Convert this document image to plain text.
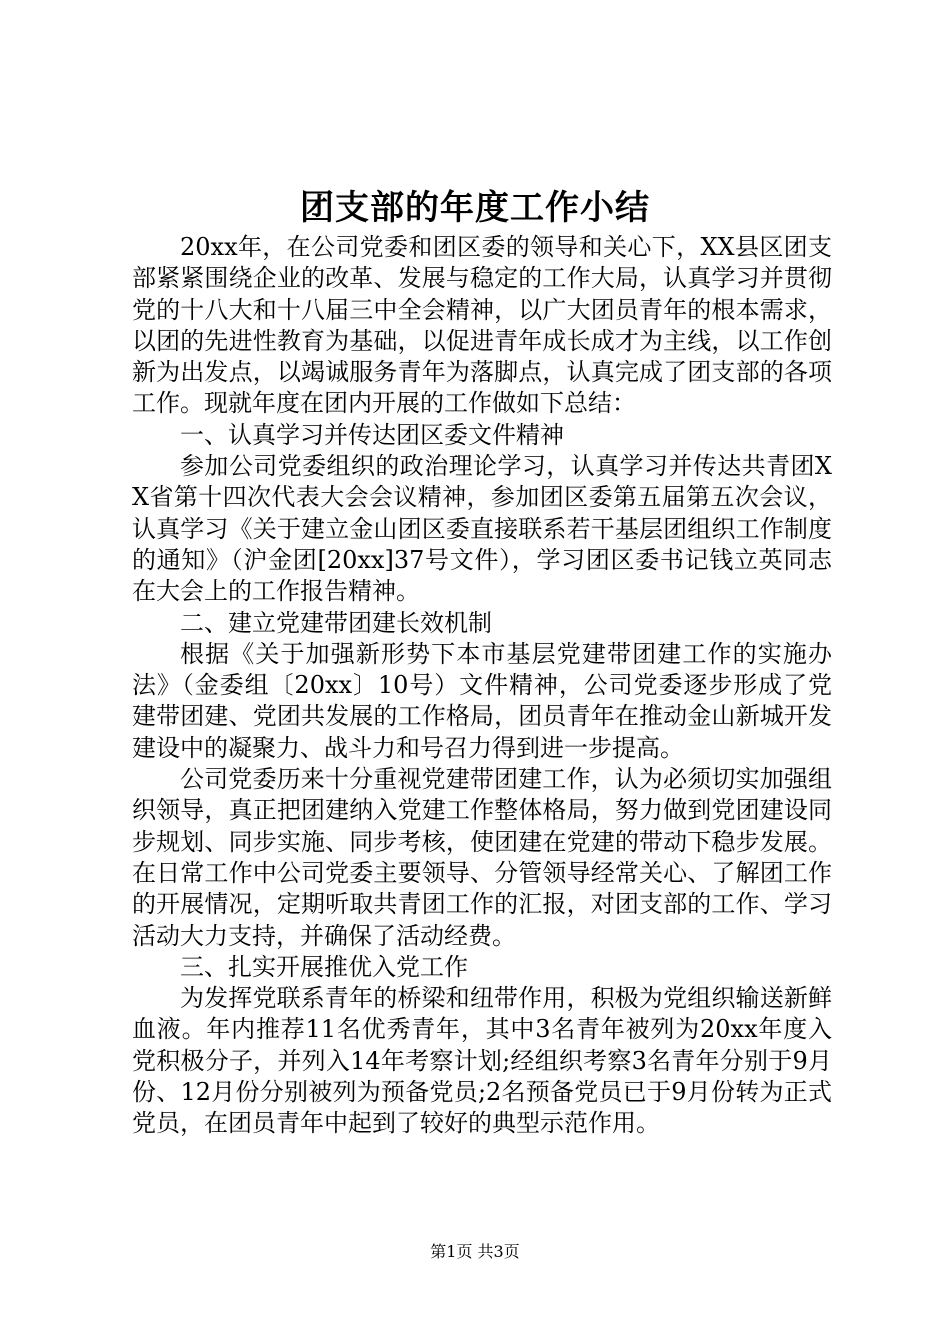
团支部的年度工作小结

20xx年，在公司党委和团区委的领导和关心下，XX县区团支部紧紧围绕企业的改革、发展与稳定的工作大局，认真学习并贯彻党的十八大和十八届三中全会精神，以广大团员青年的根本需求，以团的先进性教育为基础，以促进青年成长成才为主线，以工作创新为出发点，以竭诚服务青年为落脚点，认真完成了团支部的各项工作。现就年度在团内开展的工作做如下总结：

一、认真学习并传达团区委文件精神

参加公司党委组织的政治理论学习，认真学习并传达共青团XX省第十四次代表大会会议精神，参加团区委第五届第五次会议，认真学习《关于建立金山团区委直接联系若干基层团组织工作制度的通知》（沪金团[20xx]37号文件），学习团区委书记钱立英同志在大会上的工作报告精神。

二、建立党建带团建长效机制

根据《关于加强新形势下本市基层党建带团建工作的实施办法》（金委组〔20xx〕10号）文件精神，公司党委逐步形成了党建带团建、党团共发展的工作格局，团员青年在推动金山新城开发建设中的凝聚力、战斗力和号召力得到进一步提高。

公司党委历来十分重视党建带团建工作，认为必须切实加强组织领导，真正把团建纳入党建工作整体格局，努力做到党团建设同步规划、同步实施、同步考核，使团建在党建的带动下稳步发展。在日常工作中公司党委主要领导、分管领导经常关心、了解团工作的开展情况，定期听取共青团工作的汇报，对团支部的工作、学习活动大力支持，并确保了活动经费。

三、扎实开展推优入党工作

为发挥党联系青年的桥梁和纽带作用，积极为党组织输送新鲜血液。年内推荐11名优秀青年，其中3名青年被列为20xx年度入党积极分子，并列入14年考察计划;经组织考察3名青年分别于9月份、12月份分别被列为预备党员;2名预备党员已于9月份转为正式党员，在团员青年中起到了较好的典型示范作用。

第1页 共3页
